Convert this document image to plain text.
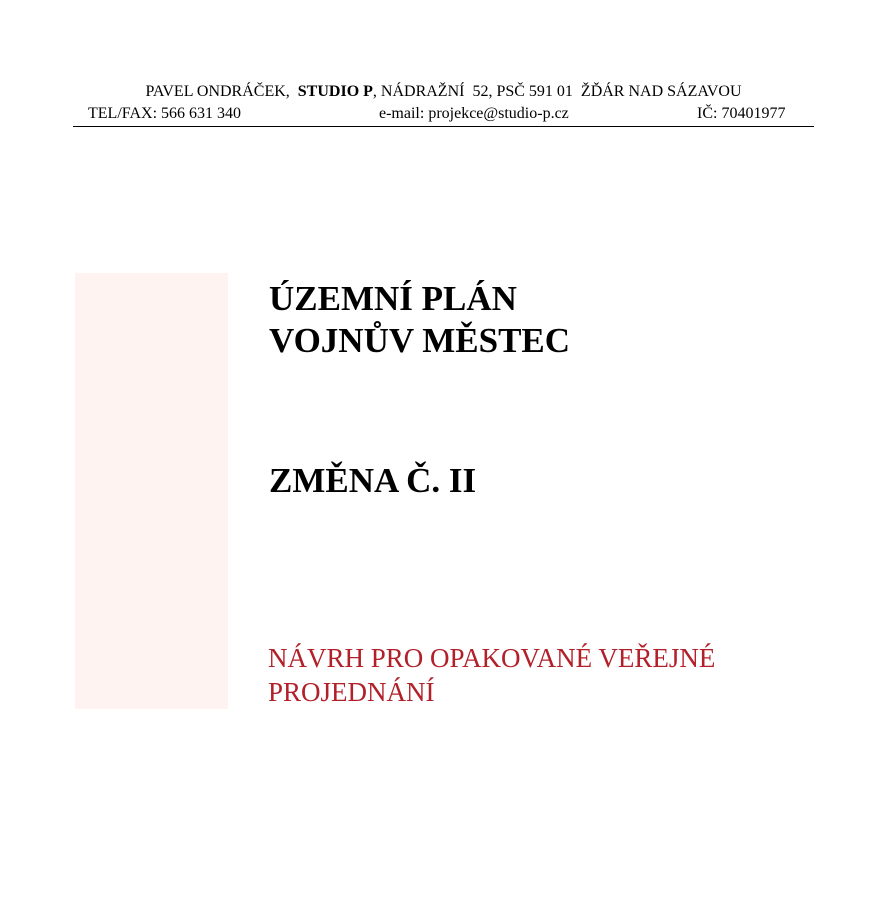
PAVEL ONDRÁČEK,  STUDIO P, NÁDRAŽNÍ  52, PSČ 591 01  ŽĎÁR NAD SÁZAVOU
TEL/FAX: 566 631 340	e-mail: projekce@studio-p.cz	IČ: 70401977
ÚZEMNÍ PLÁN
VOJNŮV MĚSTEC
ZMĚNA Č. II
NÁVRH PRO OPAKOVANÉ VEŘEJNÉ
PROJEDNÁNÍ
